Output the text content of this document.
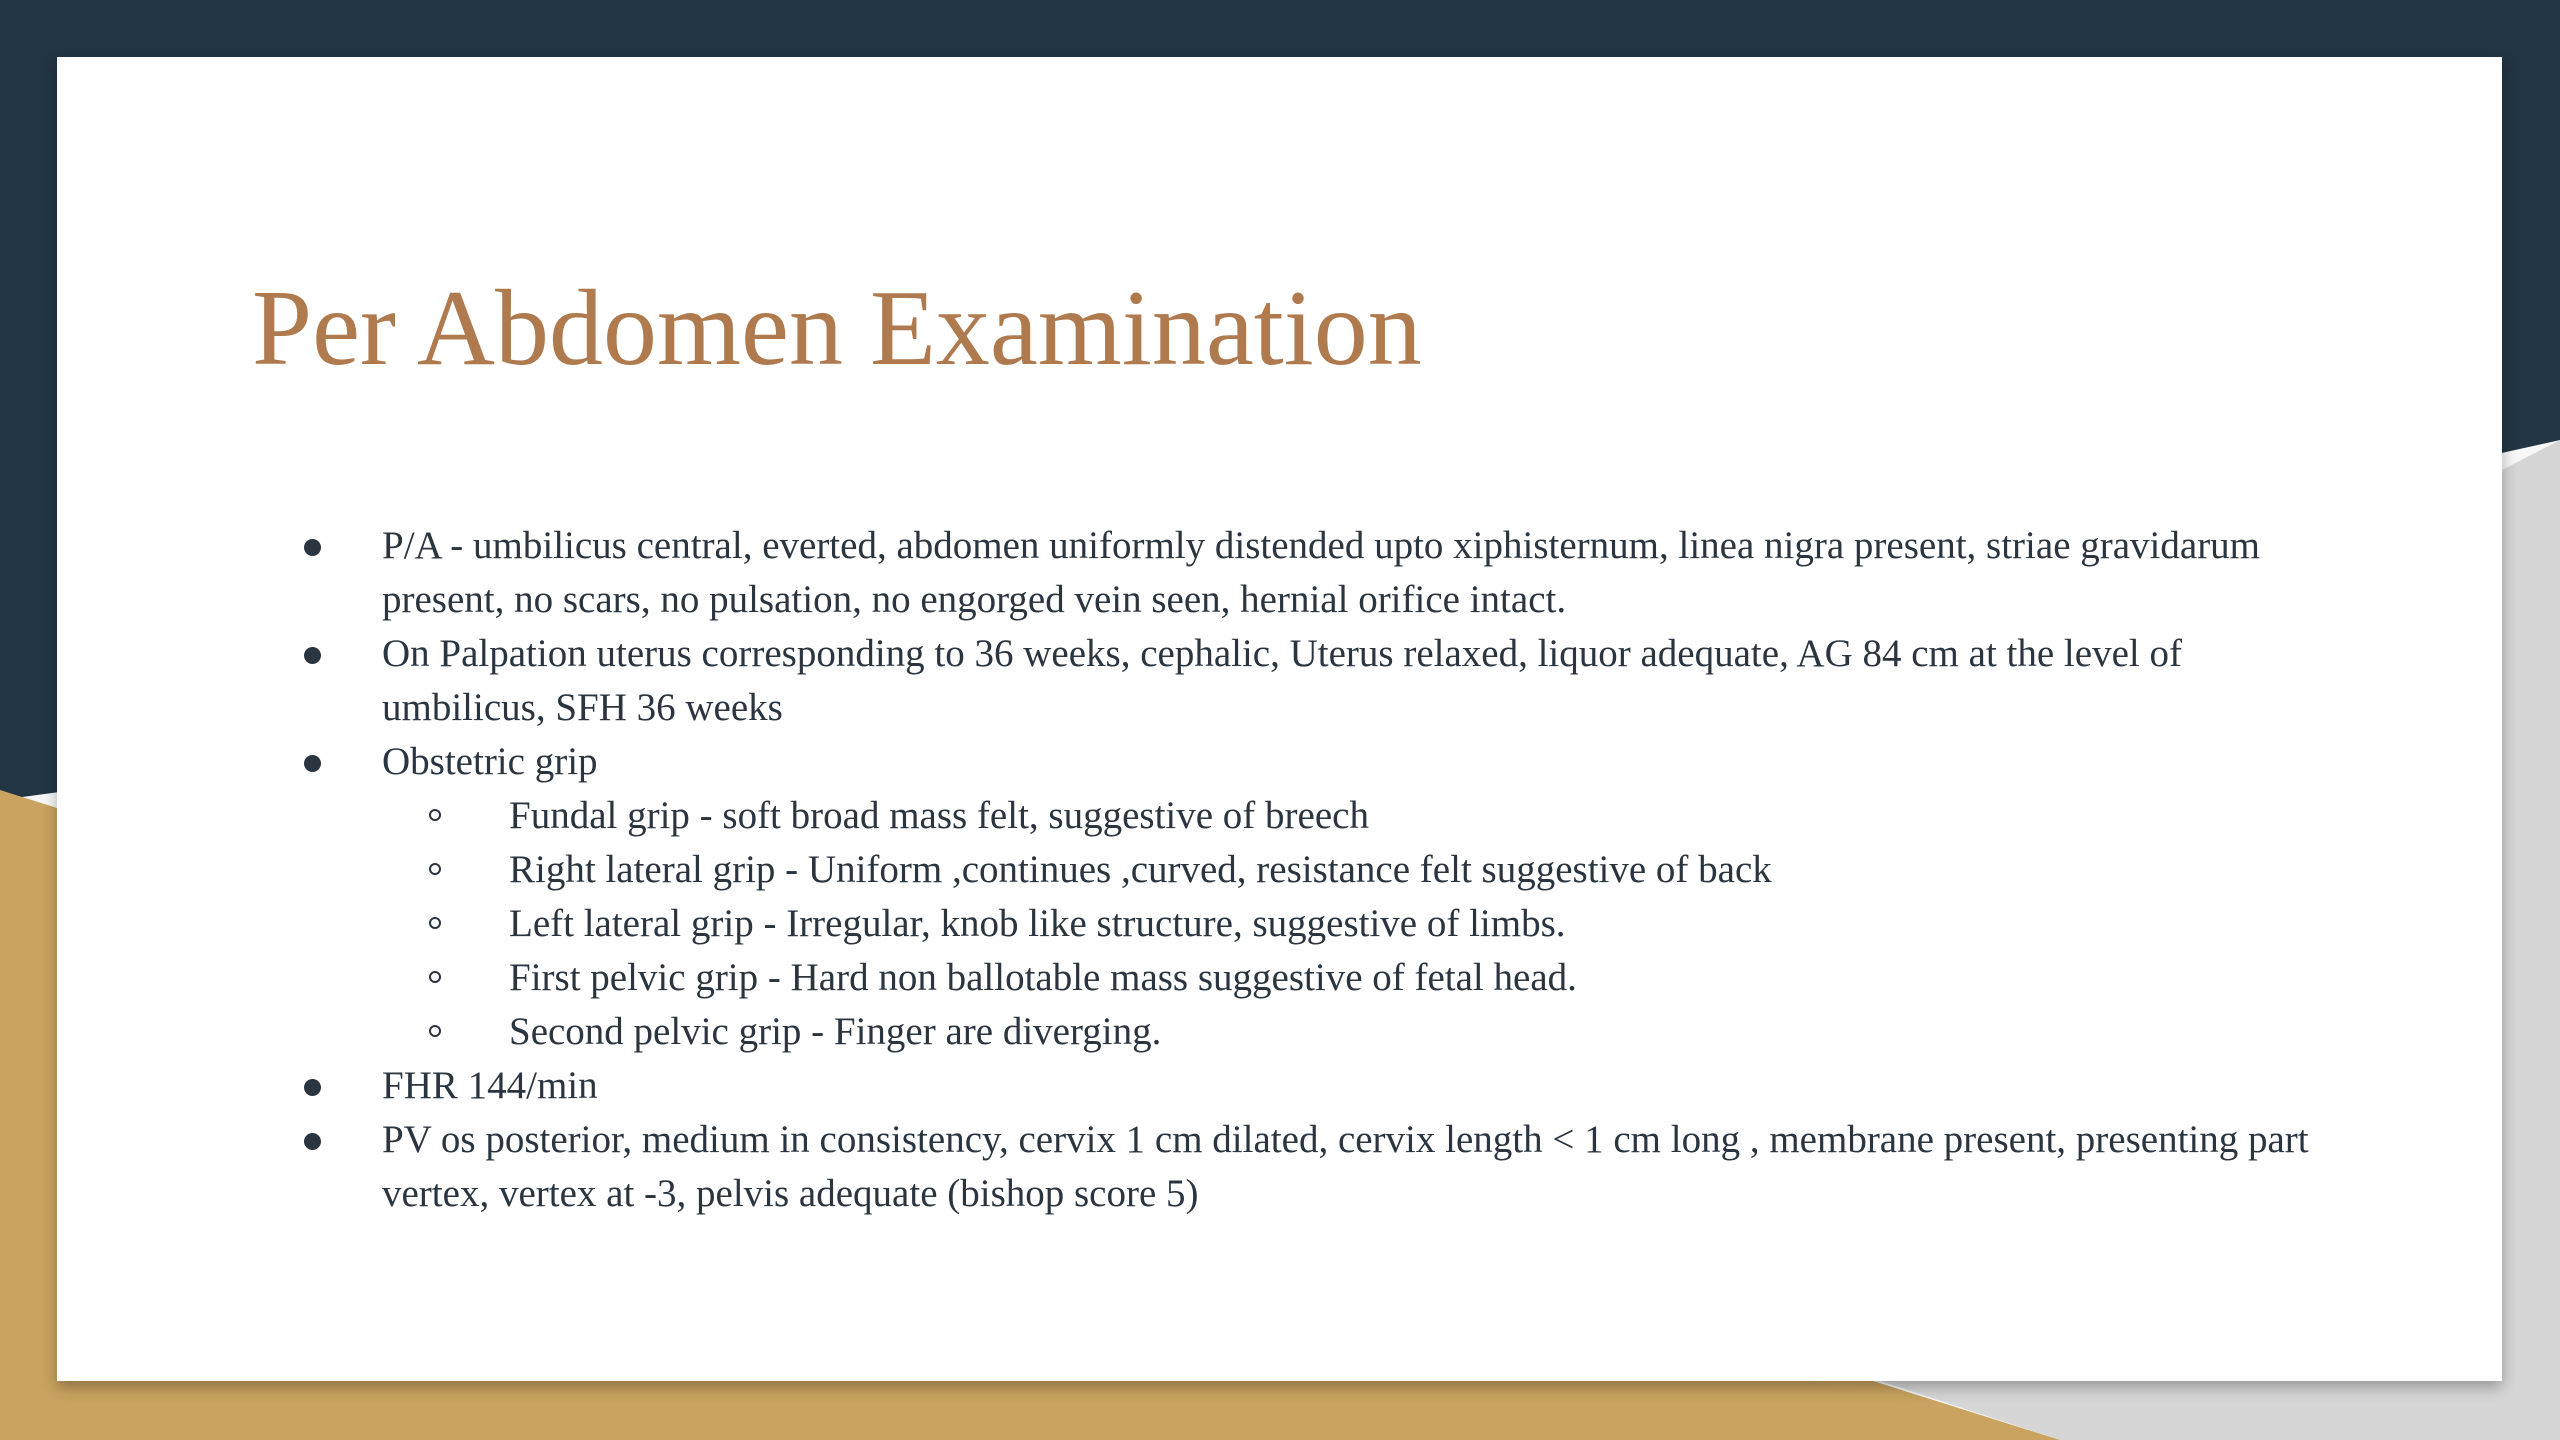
Per Abdomen Examination
P/A - umbilicus central, everted, abdomen uniformly distended upto xiphisternum, linea nigra present, striae gravidarum present, no scars, no pulsation, no engorged vein seen, hernial orifice intact.
On Palpation uterus corresponding to 36 weeks, cephalic, Uterus relaxed, liquor adequate, AG 84 cm at the level of umbilicus, SFH 36 weeks
Obstetric grip
Fundal grip - soft broad mass felt, suggestive of breech
Right lateral grip - Uniform ,continues ,curved, resistance felt suggestive of back
Left lateral grip - Irregular, knob like structure, suggestive of limbs.
First pelvic grip - Hard non ballotable mass suggestive of fetal head.
Second pelvic grip - Finger are diverging.
FHR 144/min
PV os posterior, medium in consistency, cervix 1 cm dilated, cervix length < 1 cm long , membrane present, presenting part vertex, vertex at -3, pelvis adequate (bishop score 5)
